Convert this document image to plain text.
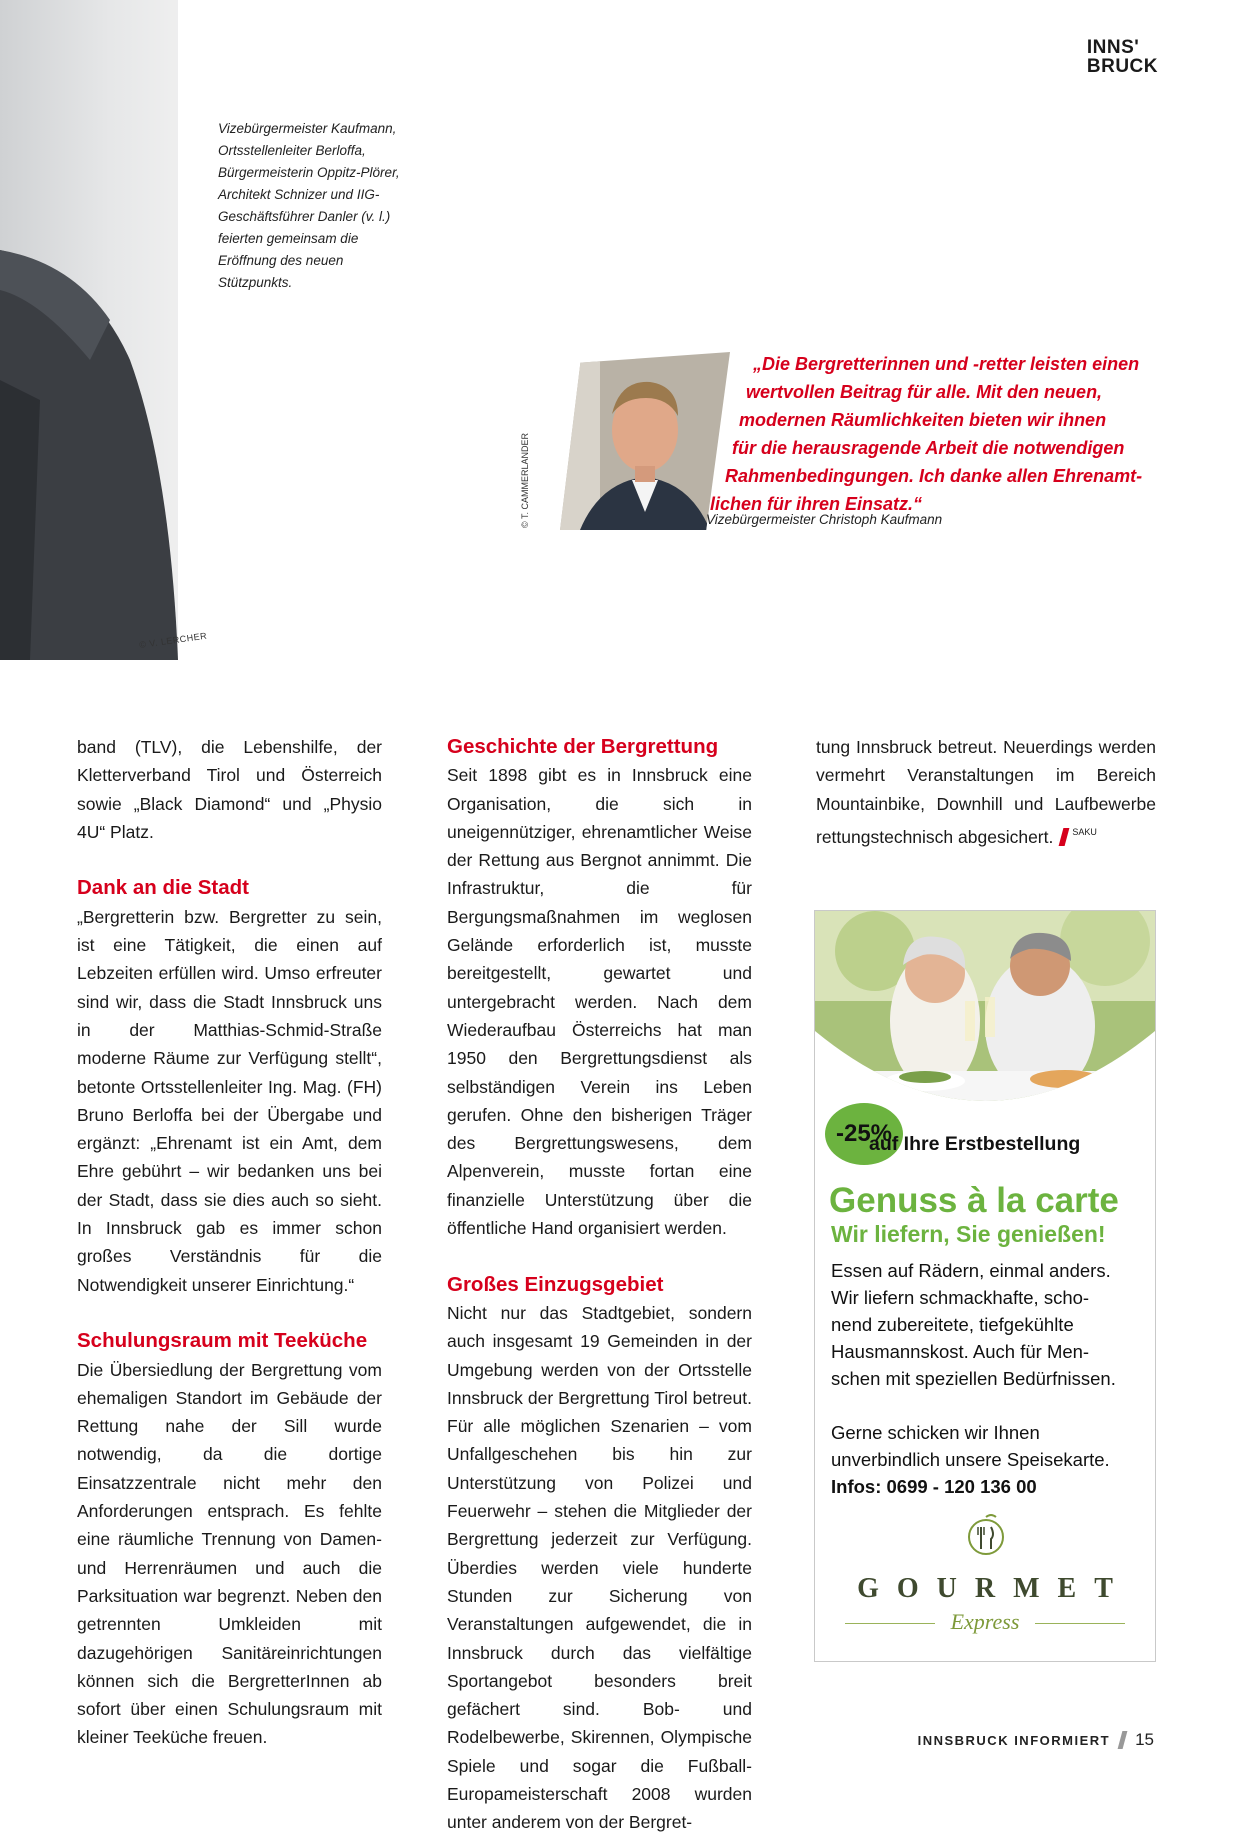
© V. LERCHER
INNS'
BRUCK
Vizebürgermeister Kaufmann, Ortsstellenleiter Berloffa, Bürgermeisterin Oppitz-Plörer, Architekt Schnizer und IIG-Geschäftsführer Danler (v. l.) feierten gemeinsam die Eröffnung des neuen Stützpunkts.
© T. CAMMERLANDER
„Die Bergretterinnen und -retter leisten einen
wertvollen Beitrag für alle. Mit den neuen,
modernen Räumlichkeiten bieten wir ihnen
für die herausragende Arbeit die notwendigen
Rahmenbedingungen. Ich danke allen Ehrenamt-
lichen für ihren Einsatz.“
Vizebürgermeister Christoph Kaufmann

band (TLV), die Lebenshilfe, der Kletterverband Tirol und Österreich sowie „Black Diamond“ und „Physio 4U“ Platz.

Dank an die Stadt

„Bergretterin bzw. Bergretter zu sein, ist eine Tätigkeit, die einen auf Lebzeiten erfüllen wird. Umso erfreuter sind wir, dass die Stadt Innsbruck uns in der Matthias-Schmid-Straße moderne Räume zur Verfügung stellt“, betonte Ortsstellenleiter Ing. Mag. (FH) Bruno Berloffa bei der Übergabe und ergänzt: „Ehrenamt ist ein Amt, dem Ehre gebührt – wir bedanken uns bei der Stadt, dass sie dies auch so sieht. In Innsbruck gab es immer schon großes Verständnis für die Notwendigkeit unserer Einrichtung.“

Schulungsraum mit Teeküche

Die Übersiedlung der Bergrettung vom ehemaligen Standort im Gebäude der Rettung nahe der Sill wurde notwendig, da die dortige Einsatzzentrale nicht mehr den Anforderungen entsprach. Es fehlte eine räumliche Trennung von Damen- und Herrenräumen und auch die Parksituation war begrenzt. Neben den getrennten Umkleiden mit dazugehörigen Sanitäreinrichtungen können sich die BergretterInnen ab sofort über einen Schulungsraum mit kleiner Teeküche freuen.

Geschichte der Bergrettung

Seit 1898 gibt es in Innsbruck eine Organisation, die sich in uneigennütziger, ehrenamtlicher Weise der Rettung aus Bergnot annimmt. Die Infrastruktur, die für Bergungsmaßnahmen im weglosen Gelände erforderlich ist, musste bereitgestellt, gewartet und untergebracht werden. Nach dem Wiederaufbau Österreichs hat man 1950 den Bergrettungsdienst als selbständigen Verein ins Leben gerufen. Ohne den bisherigen Träger des Bergrettungswesens, dem Alpenverein, musste fortan eine finanzielle Unterstützung über die öffentliche Hand organisiert werden.

Großes Einzugsgebiet

Nicht nur das Stadtgebiet, sondern auch insgesamt 19 Gemeinden in der Umgebung werden von der Ortsstelle Innsbruck der Bergrettung Tirol betreut. Für alle möglichen Szenarien – vom Unfallgeschehen bis hin zur Unterstützung von Polizei und Feuerwehr – stehen die Mitglieder der Bergrettung jederzeit zur Verfügung. Überdies werden viele hunderte Stunden zur Sicherung von Veranstaltungen aufgewendet, die in Innsbruck durch das vielfältige Sportangebot besonders breit gefächert sind. Bob- und Rodelbewerbe, Skirennen, Olympische Spiele und sogar die Fußball-Europameisterschaft 2008 wurden unter anderem von der Bergret-

tung Innsbruck betreut. Neuerdings werden vermehrt Veranstaltungen im Bereich Mountainbike, Downhill und Laufbewerbe rettungstechnisch abgesichert. $^{SAKU}$

-25%
auf Ihre Erstbestellung
Genuss à la carte
Wir liefern, Sie genießen!
Essen auf Rädern, einmal anders.
Wir liefern schmackhafte, scho-
nend zubereitete, tiefgekühlte
Hausmannskost. Auch für Men-
schen mit speziellen Bedürfnissen.
Gerne schicken wir Ihnen
unverbindlich unsere Speisekarte.
Infos: 0699 - 120 136 00
GOURMET
Express
INNSBRUCK INFORMIERT 15
